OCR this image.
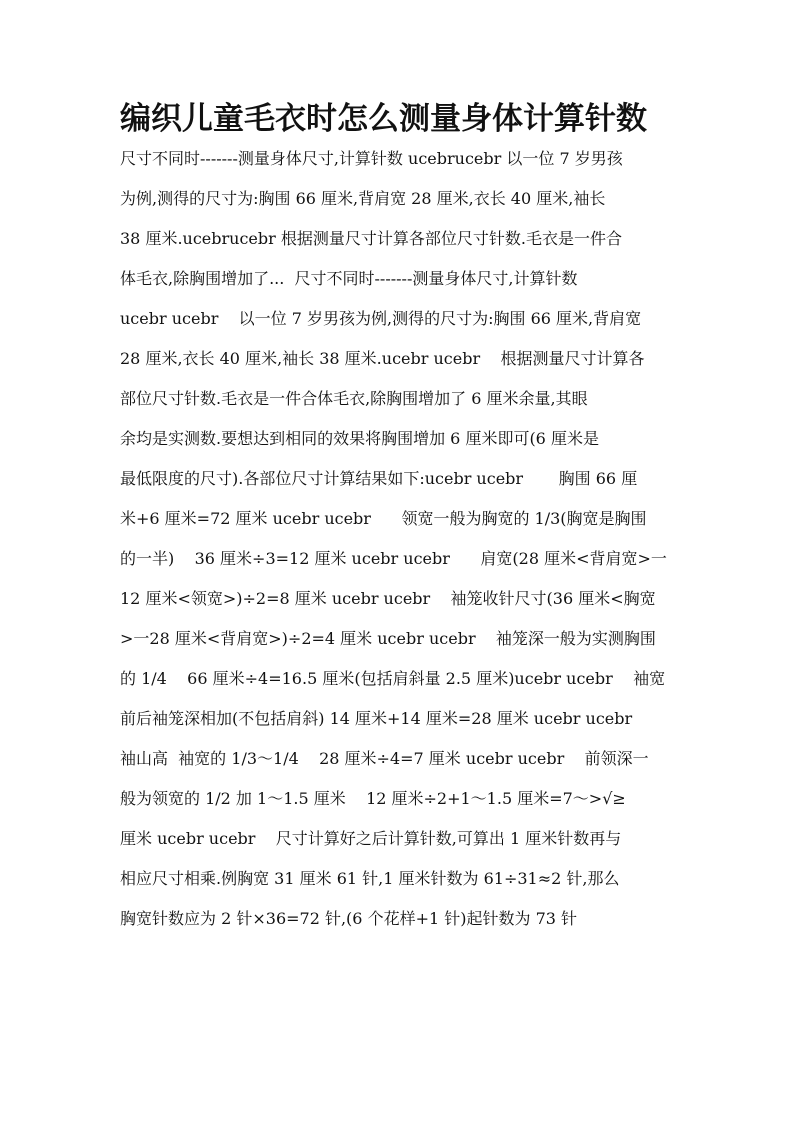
编织儿童毛衣时怎么测量身体计算针数
尺寸不同时-------测量身体尺寸,计算针数 ucebrucebr 以一位 7 岁男孩
为例,测得的尺寸为:胸围 66 厘米,背肩宽 28 厘米,衣长 40 厘米,袖长
38 厘米.ucebrucebr 根据测量尺寸计算各部位尺寸针数.毛衣是一件合
体毛衣,除胸围增加了...  尺寸不同时-------测量身体尺寸,计算针数
ucebr ucebr    以一位 7 岁男孩为例,测得的尺寸为:胸围 66 厘米,背肩宽
28 厘米,衣长 40 厘米,袖长 38 厘米.ucebr ucebr    根据测量尺寸计算各
部位尺寸针数.毛衣是一件合体毛衣,除胸围增加了 6 厘米余量,其眼
余均是实测数.要想达到相同的效果将胸围增加 6 厘米即可(6 厘米是
最低限度的尺寸).各部位尺寸计算结果如下:ucebr ucebr       胸围 66 厘
米+6 厘米=72 厘米 ucebr ucebr      领宽一般为胸宽的 1/3(胸宽是胸围
的一半)    36 厘米÷3=12 厘米 ucebr ucebr      肩宽(28 厘米<背肩宽>一
12 厘米<领宽>)÷2=8 厘米 ucebr ucebr    袖笼收针尺寸(36 厘米<胸宽
>一28 厘米<背肩宽>)÷2=4 厘米 ucebr ucebr    袖笼深一般为实测胸围
的 1/4    66 厘米÷4=16.5 厘米(包括肩斜量 2.5 厘米)ucebr ucebr    袖宽
前后袖笼深相加(不包括肩斜) 14 厘米+14 厘米=28 厘米 ucebr ucebr
袖山高  袖宽的 1/3～1/4    28 厘米÷4=7 厘米 ucebr ucebr    前领深一
般为领宽的 1/2 加 1～1.5 厘米    12 厘米÷2+1～1.5 厘米=7～>√≥
厘米 ucebr ucebr    尺寸计算好之后计算针数,可算出 1 厘米针数再与
相应尺寸相乘.例胸宽 31 厘米 61 针,1 厘米针数为 61÷31≈2 针,那么
胸宽针数应为 2 针×36=72 针,(6 个花样+1 针)起针数为 73 针
